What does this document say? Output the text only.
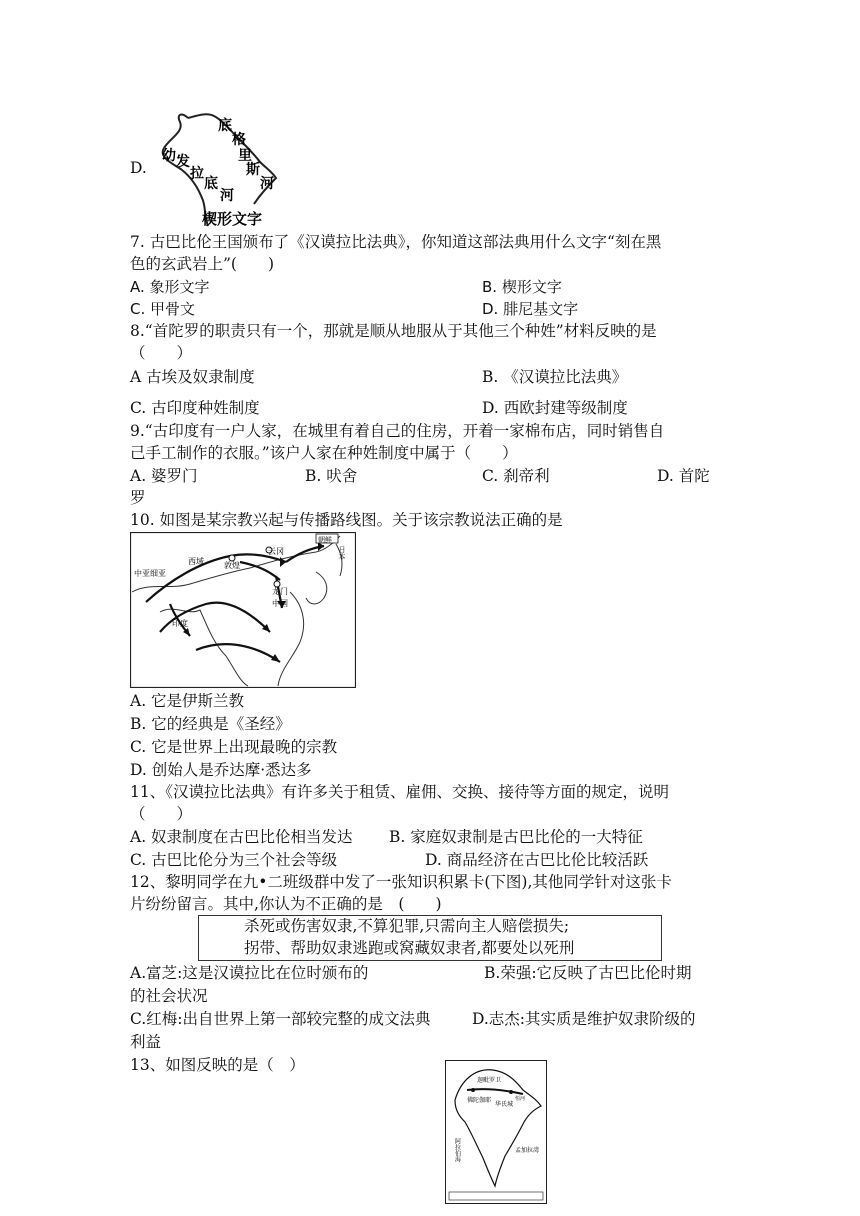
D.
幼 发
拉
底
河
底
格
里
斯
河
楔形文字
7. 古巴比伦王国颁布了《汉谟拉比法典》，你知道这部法典用什么文字“刻在黑
色的玄武岩上”(　　)
A. 象形文字	B. 楔形文字
C. 甲骨文	D. 腓尼基文字
8.“首陀罗的职责只有一个，那就是顺从地服从于其他三个种姓”材料反映的是
（　　）
A 古埃及奴隶制度	B. 《汉谟拉比法典》
C. 古印度种姓制度	D. 西欧封建等级制度
9.“古印度有一户人家，在城里有着自己的住房，开着一家棉布店，同时销售自
己手工制作的衣服。”该户人家在种姓制度中属于（　　）
A. 婆罗门	B. 吠舍	C. 刹帝利	D. 首陀
罗
10. 如图是某宗教兴起与传播路线图。关于该宗教说法正确的是
中亚细亚
西域	敦煌
云冈
龙门
中国
朝鲜
日本
印度
A. 它是伊斯兰教
B. 它的经典是《圣经》
C. 它是世界上出现最晚的宗教
D. 创始人是乔达摩·悉达多
11、《汉谟拉比法典》有许多关于租赁、雇佣、交换、接待等方面的规定，说明
（　　）
A. 奴隶制度在古巴比伦相当发达 B. 家庭奴隶制是古巴比伦的一大特征
C. 古巴比伦分为三个社会等级	D. 商品经济在古巴比伦比较活跃
12、黎明同学在九•二班级群中发了一张知识积累卡(下图),其他同学针对这张卡
片纷纷留言。其中,你认为不正确的是　(　　)
杀死或伤害奴隶,不算犯罪,只需向主人赔偿损失;
拐带、帮助奴隶逃跑或窝藏奴隶者,都要处以死刑
A.富芝:这是汉谟拉比在位时颁布的	B.荣强:它反映了古巴比伦时期
的社会状况
C.红梅:出自世界上第一部较完整的成文法典	D.志杰:其实质是维护奴隶阶级的
利益
13、如图反映的是（　）
迦毗罗卫
佛陀伽耶
华氏城
恒河
阿拉伯海	孟加拉湾
